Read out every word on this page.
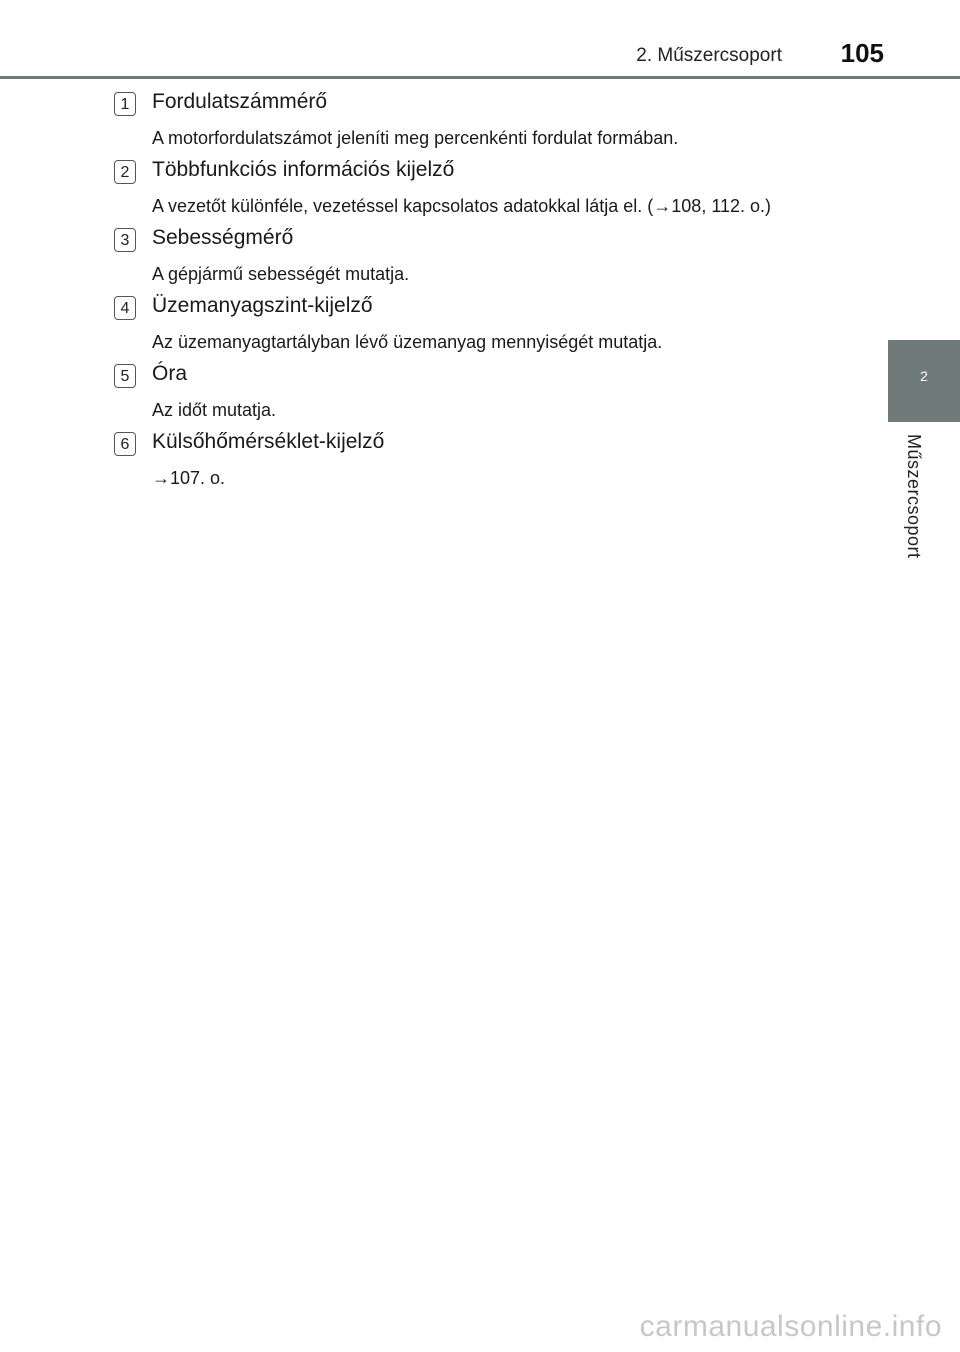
2. Műszercsoport 105
2
Műszercsoport
1	Fordulatszámmérő
A motorfordulatszámot jeleníti meg percenkénti fordulat formában.
2	Többfunkciós információs kijelző
A vezetőt különféle, vezetéssel kapcsolatos adatokkal látja el. (→108, 112. o.)
3	Sebességmérő
A gépjármű sebességét mutatja.
4	Üzemanyagszint-kijelző
Az üzemanyagtartályban lévő üzemanyag mennyiségét mutatja.
5	Óra
Az időt mutatja.
6	Külsőhőmérséklet-kijelző
→107. o.
carmanualsonline.info
